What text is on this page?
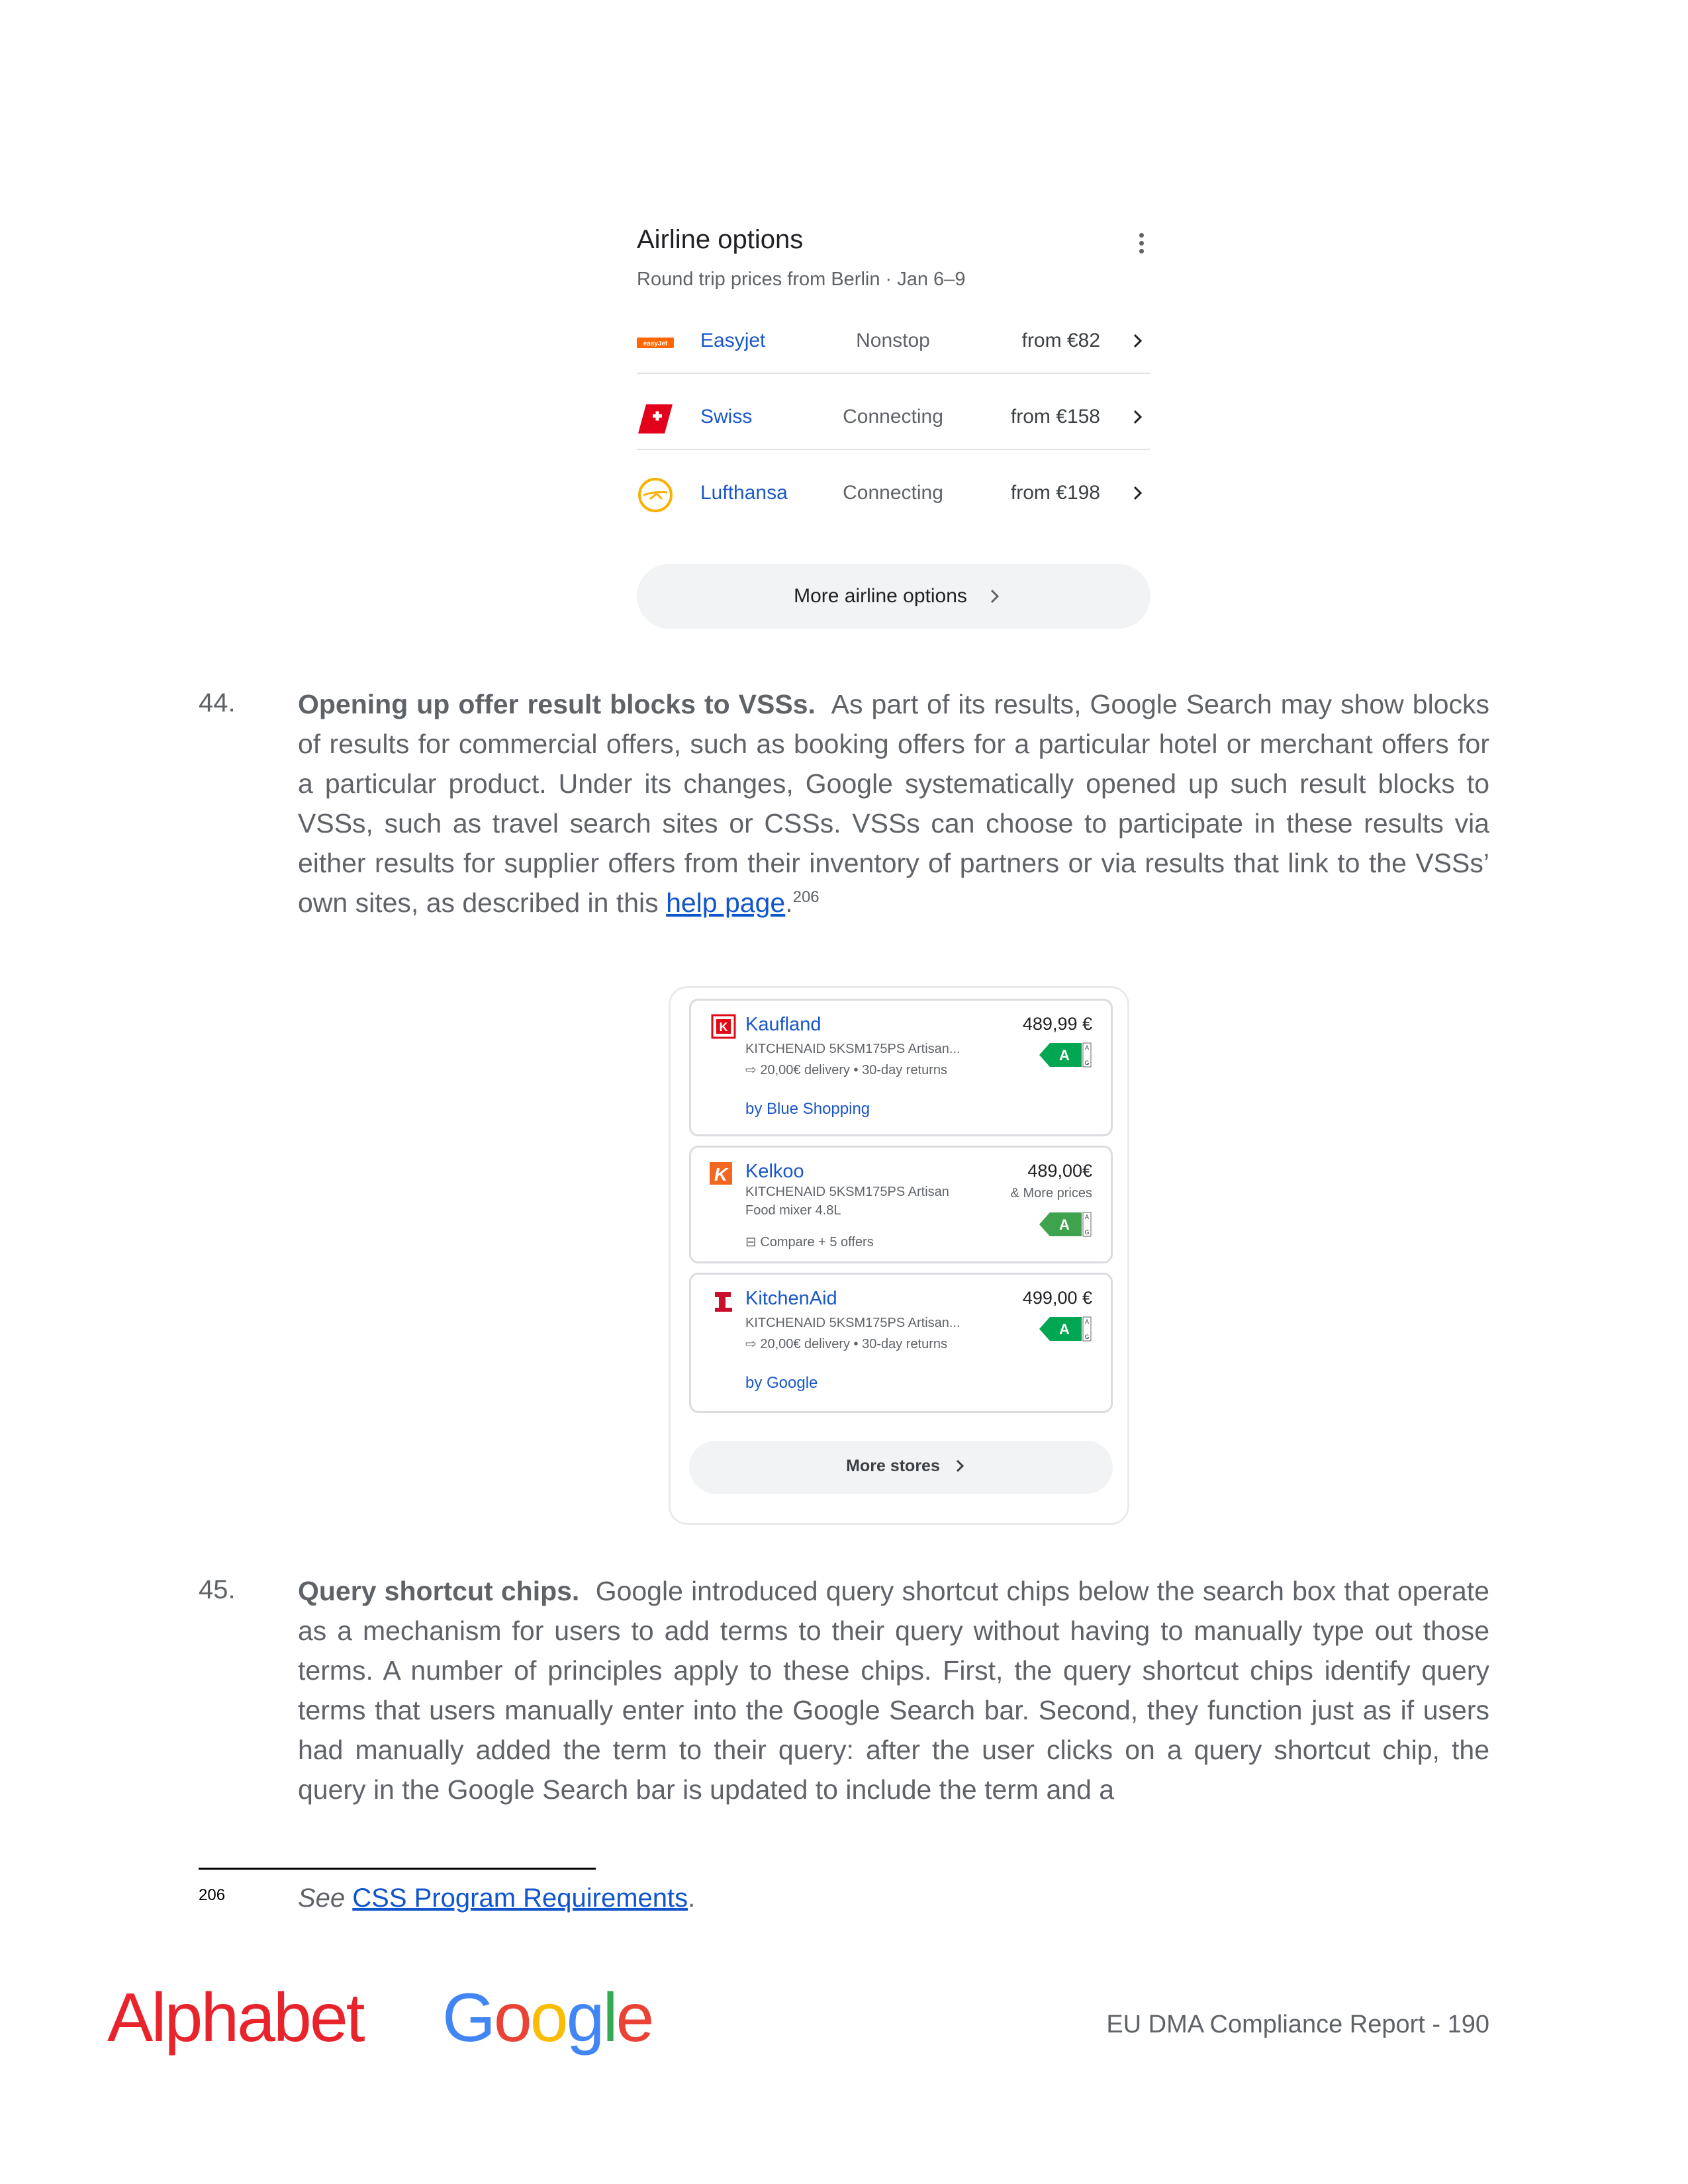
Airline options
Round trip prices from Berlin · Jan 6–9
easyJet Easyjet	Nonstop	from €82
Swiss	Connecting	from €158
Lufthansa	Connecting	from €198
More airline options
44. Opening up offer result blocks to VSSs. As part of its results, Google Search may show blocks of results for commercial offers, such as booking offers for a particular hotel or merchant offers for a particular product. Under its changes, Google systematically opened up such result blocks to VSSs, such as travel search sites or CSSs. VSSs can choose to participate in these results via either results for supplier offers from their inventory of partners or via results that link to the VSSs’ own sites, as described in this help page.$^{206}$
K Kaufland	489,99 €
KITCHENAID 5KSM175PS Artisan...
⇨ 20,00€ delivery • 30-day returns
by Blue Shopping
A	A
G
K Kelkoo	489,00€
& More prices
KITCHENAID 5KSM175PS Artisan
Food mixer 4.8L
⊟ Compare + 5 offers
A	A
G
KitchenAid	499,00 €
KITCHENAID 5KSM175PS Artisan...
⇨ 20,00€ delivery • 30-day returns
by Google
A	A
G
More stores
45. Query shortcut chips. Google introduced query shortcut chips below the search box that operate as a mechanism for users to add terms to their query without having to manually type out those terms. A number of principles apply to these chips. First, the query shortcut chips identify query terms that users manually enter into the Google Search bar. Second, they function just as if users had manually added the term to their query: after the user clicks on a query shortcut chip, the query in the Google Search bar is updated to include the term and a
206	See CSS Program Requirements.
Alphabet Google	EU DMA Compliance Report - 190
